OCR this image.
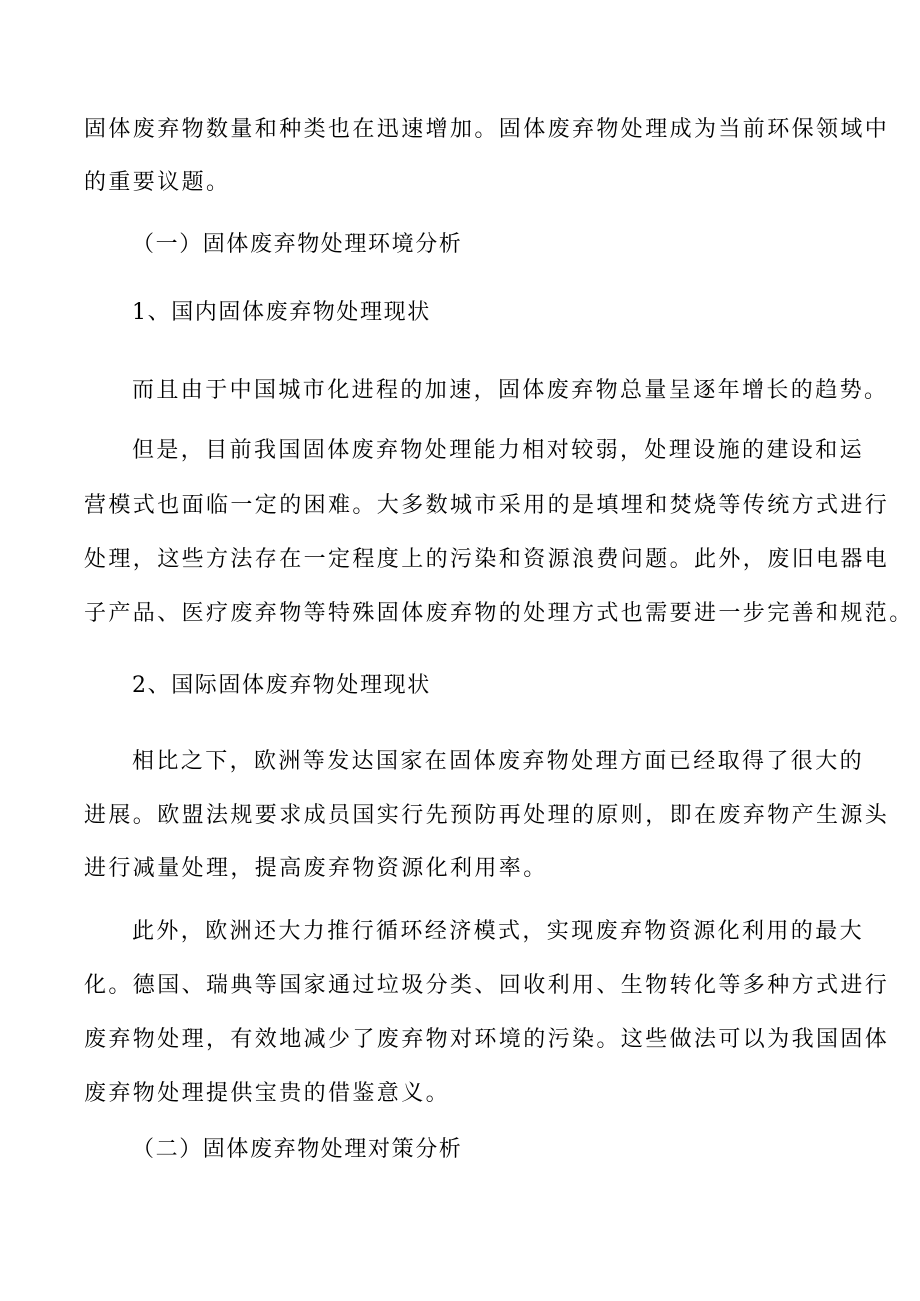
固体废弃物数量和种类也在迅速增加。固体废弃物处理成为当前环保领域中
的重要议题。
（一）固体废弃物处理环境分析
1、国内固体废弃物处理现状
而且由于中国城市化进程的加速，固体废弃物总量呈逐年增长的趋势。
但是，目前我国固体废弃物处理能力相对较弱，处理设施的建设和运
营模式也面临一定的困难。大多数城市采用的是填埋和焚烧等传统方式进行
处理，这些方法存在一定程度上的污染和资源浪费问题。此外，废旧电器电
子产品、医疗废弃物等特殊固体废弃物的处理方式也需要进一步完善和规范。
2、国际固体废弃物处理现状
相比之下，欧洲等发达国家在固体废弃物处理方面已经取得了很大的
进展。欧盟法规要求成员国实行先预防再处理的原则，即在废弃物产生源头
进行减量处理，提高废弃物资源化利用率。
此外，欧洲还大力推行循环经济模式，实现废弃物资源化利用的最大
化。德国、瑞典等国家通过垃圾分类、回收利用、生物转化等多种方式进行
废弃物处理，有效地减少了废弃物对环境的污染。这些做法可以为我国固体
废弃物处理提供宝贵的借鉴意义。
（二）固体废弃物处理对策分析
